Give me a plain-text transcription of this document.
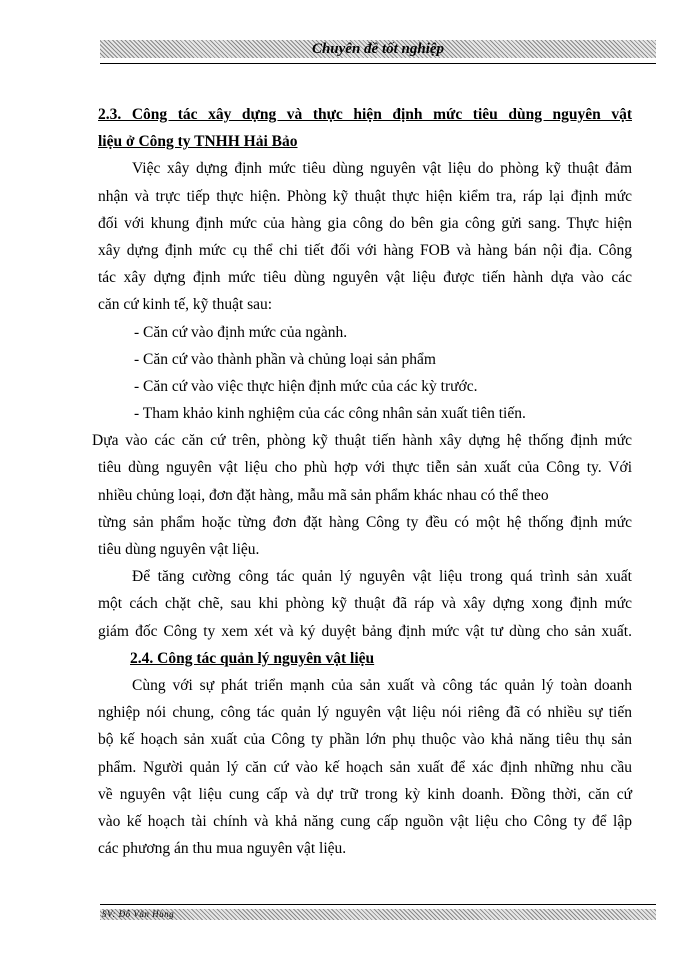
Chuyên đề tốt nghiệp
2.3. Công tác xây dựng và thực hiện định mức tiêu dùng nguyên vật
liệu ở Công ty TNHH Hải Bảo
Việc xây dựng định mức tiêu dùng nguyên vật liệu do phòng kỹ thuật đảm
nhận và trực tiếp thực hiện. Phòng kỹ thuật thực hiện kiểm tra, ráp lại định mức
đối với khung định mức của hàng gia công do bên gia công gửi sang. Thực hiện
xây dựng định mức cụ thể chi tiết đối với hàng FOB và hàng bán nội địa. Công
tác xây dựng định mức tiêu dùng nguyên vật liệu được tiến hành dựa vào các
căn cứ kinh tế, kỹ thuật sau:
- Căn cứ vào định mức của ngành.
- Căn cứ vào thành phần và chủng loại sản phẩm
- Căn cứ vào việc thực hiện định mức của các kỳ trước.
- Tham khảo kinh nghiệm của các công nhân sản xuất tiên tiến.
Dựa vào các căn cứ trên, phòng kỹ thuật tiến hành xây dựng hệ thống định mức
tiêu dùng nguyên vật liệu cho phù hợp với thực tiễn sản xuất của Công ty. Với
nhiều chủng loại, đơn đặt hàng, mẫu mã sản phẩm khác nhau có thể theo
từng sản phẩm hoặc từng đơn đặt hàng Công ty đều có một hệ thống định mức
tiêu dùng nguyên vật liệu.
Để tăng cường công tác quản lý nguyên vật liệu trong quá trình sản xuất
một cách chặt chẽ, sau khi phòng kỹ thuật đã ráp và xây dựng xong định mức
giám đốc Công ty xem xét và ký duyệt bảng định mức vật tư dùng cho sản xuất.
2.4. Công tác quản lý nguyên vật liệu
Cùng với sự phát triển mạnh của sản xuất và công tác quản lý toàn doanh
nghiệp nói chung, công tác quản lý nguyên vật liệu nói riêng đã có nhiều sự tiến
bộ kế hoạch sản xuất của Công ty phần lớn phụ thuộc vào khả năng tiêu thụ sản
phẩm. Người quản lý căn cứ vào kế hoạch sản xuất để xác định những nhu cầu
về nguyên vật liệu cung cấp và dự trữ trong kỳ kinh doanh. Đồng thời, căn cứ
vào kế hoạch tài chính và khả năng cung cấp nguồn vật liệu cho Công ty để lập
các phương án thu mua nguyên vật liệu.
SV: Đỗ Văn Hùng
